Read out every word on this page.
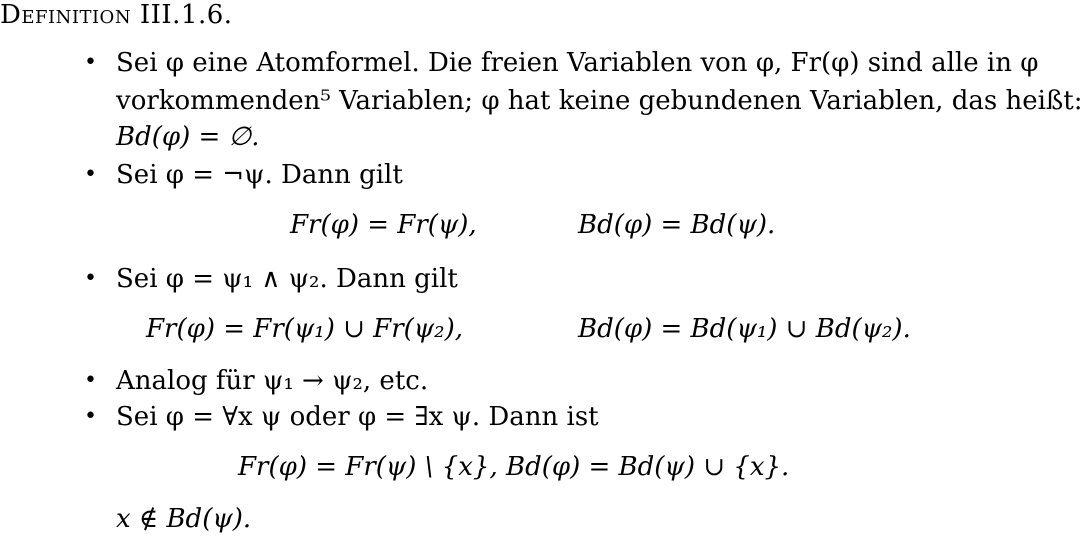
Definition III.1.6.
• Sei φ eine Atomformel. Die freien Variablen von φ, Fr(φ) sind alle in φ
vorkommenden⁵ Variablen; φ hat keine gebundenen Variablen, das heißt:
Bd(φ) = ∅.
• Sei φ = ¬ψ. Dann gilt
Fr(φ) = Fr(ψ),	Bd(φ) = Bd(ψ).
• Sei φ = ψ₁ ∧ ψ₂. Dann gilt
Fr(φ) = Fr(ψ₁) ∪ Fr(ψ₂),	Bd(φ) = Bd(ψ₁) ∪ Bd(ψ₂).
• Analog für ψ₁ → ψ₂, etc.
• Sei φ = ∀x ψ oder φ = ∃x ψ. Dann ist
Fr(φ) = Fr(ψ) \ {x}, Bd(φ) = Bd(ψ) ∪ {x}.
x ∉ Bd(ψ).
